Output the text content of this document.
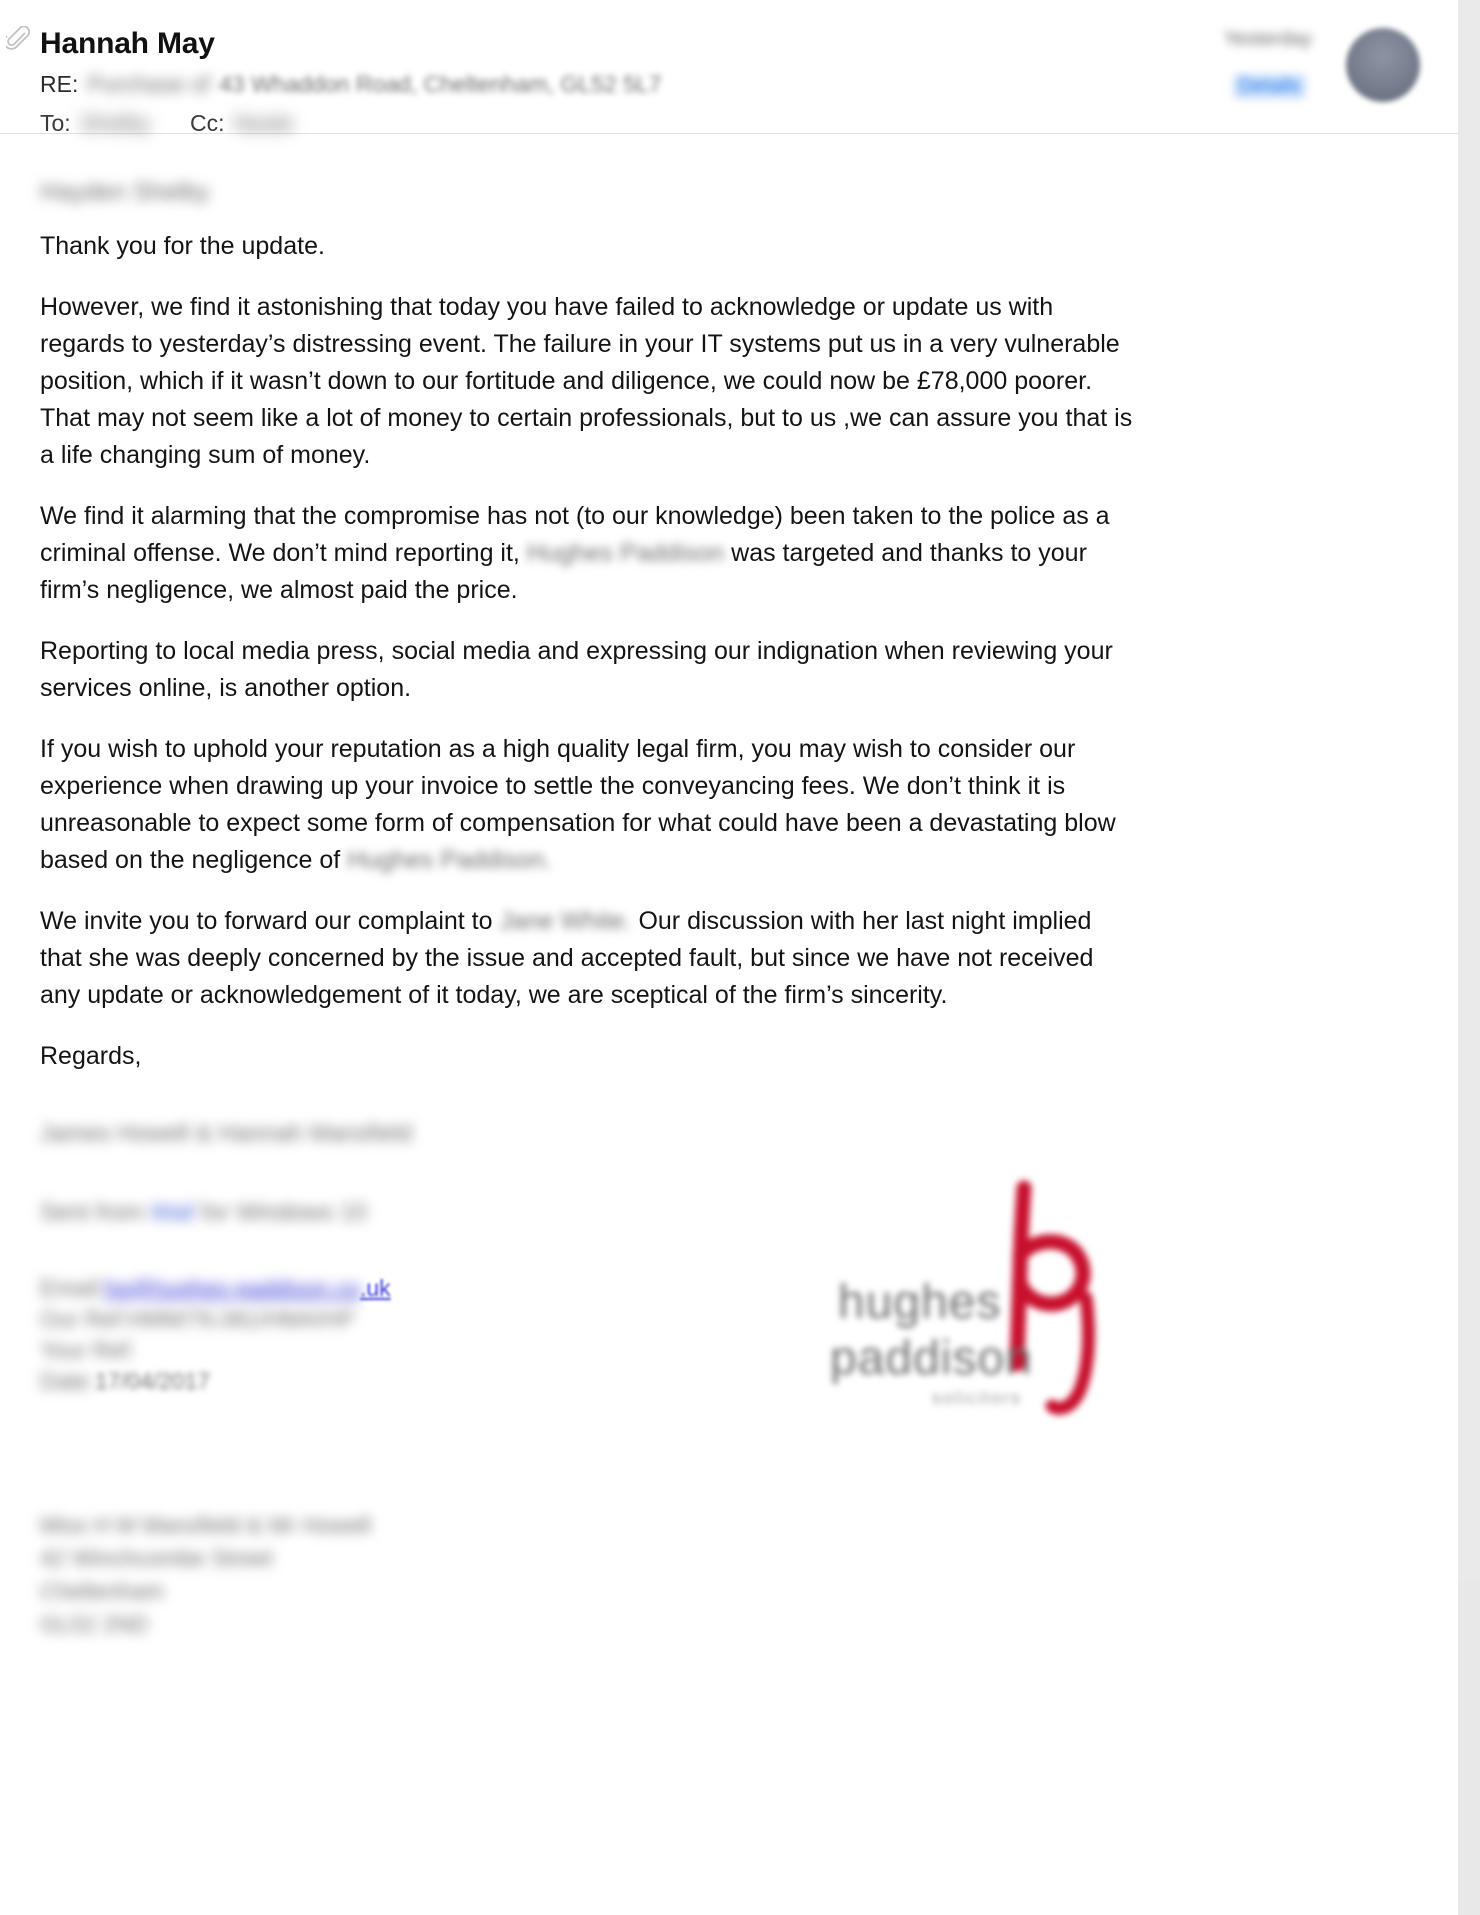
Hannah May
RE: Purchase of 43 Whaddon Road, Cheltenham, GL52 5L7
To: Shelby Cc: Neale
Yesterday
Details
Hayden Shelby

Thank you for the update.

However, we find it astonishing that today you have failed to acknowledge or update us with regards to yesterday’s distressing event. The failure in your IT systems put us in a very vulnerable position, which if it wasn’t down to our fortitude and diligence, we could now be £78,000 poorer. That may not seem like a lot of money to certain professionals, but to us ,we can assure you that is a life changing sum of money.

We find it alarming that the compromise has not (to our knowledge) been taken to the police as a criminal offense. We don’t mind reporting it, Hughes Paddison was targeted and thanks to your firm’s negligence, we almost paid the price.

Reporting to local media press, social media and expressing our indignation when reviewing your services online, is another option.

If you wish to uphold your reputation as a high quality legal firm, you may wish to consider our experience when drawing up your invoice to settle the conveyancing fees. We don’t think it is unreasonable to expect some form of compensation for what could have been a devastating blow based on the negligence of Hughes Paddison.

We invite you to forward our complaint to Jane White. Our discussion with her last night implied that she was deeply concerned by the issue and accepted fault, but since we have not received any update or acknowledgement of it today, we are sceptical of the firm’s sincerity.

Regards,

James Howell & Hannah Mansfield
Sent from Mail for Windows 10
Email:hp@hughes-paddison.co.uk
Our Ref:HMM/76.081/HMA/HP
Your Ref:
Date:17/04/2017
Miss H M Mansfield & Mr Howell
42 Winchcombe Street
Cheltenham
GL52 2ND
hughes
paddison
solicitors
